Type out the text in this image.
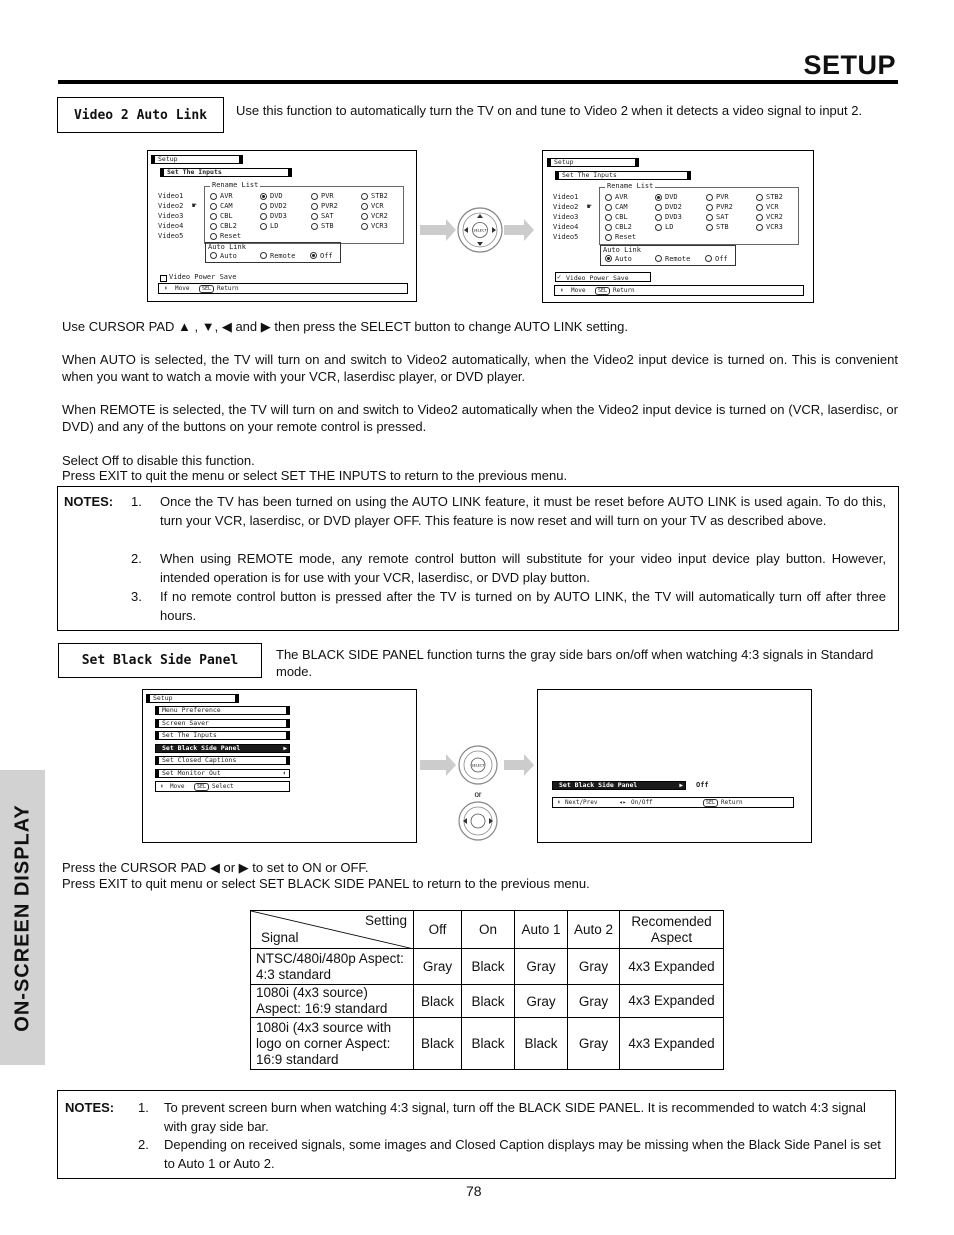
SETUP
ON-SCREEN DISPLAY
Video 2 Auto Link	Use this function to automatically turn the TV on and tune to Video 2 when it detects a video signal to input 2.
Setup
Set The Inputs
Rename List
Video1
Video2 ☛
Video3
Video4
Video5
AVR
CAM
CBL
CBL2
Reset
DVD
DVD2
DVD3
LD
PVR
PVR2
SAT
STB
STB2
VCR
VCR2
VCR3
Auto Link
Auto	Remote	Off
Video Power Save
⬍ Move	SEL Return
SELECT
Setup
Set The Inputs
Rename List
Video1
Video2 ☛
Video3
Video4
Video5
AVR
CAM
CBL
CBL2
Reset
DVD
DVD2
DVD3
LD
PVR
PVR2
SAT
STB
STB2
VCR
VCR2
VCR3
Auto Link
Auto	Remote	Off
✓ Video Power Save
⬍ Move	SEL Return
Use CURSOR PAD ▲ , ▼, ◀ and ▶ then press the SELECT button to change AUTO LINK setting.
When AUTO is selected, the TV will turn on and switch to Video2 automatically, when the Video2 input device is turned on. This is convenient when you want to watch a movie with your VCR, laserdisc player, or DVD player.
When REMOTE is selected, the TV will turn on and switch to Video2 automatically when the Video2 input device is turned on (VCR, laserdisc, or DVD) and any of the buttons on your remote control is pressed.
Select Off to disable this function.
Press EXIT to quit the menu or select SET THE INPUTS to return to the previous menu.
NOTES: 1. Once the TV has been turned on using the AUTO LINK feature, it must be reset before AUTO LINK is used again. To do this, turn your VCR, laserdisc, or DVD player OFF. This feature is now reset and will turn on your TV as described above.
2. When using REMOTE mode, any remote control button will substitute for your video input device play button. However, intended operation is for use with your VCR, laserdisc, or DVD play button.
3. If no remote control button is pressed after the TV is turned on by AUTO LINK, the TV will automatically turn off after three hours.
Set Black Side Panel	The BLACK SIDE PANEL function turns the gray side bars on/off when watching 4:3 signals in Standard mode.
Setup
Menu Preference
Screen Saver
Set The Inputs
Set Black Side Panel	▶
Set Closed Captions
Set Monitor Out	⬍
⬍ Move	SEL Select
SELECT
or
Set Black Side Panel	▶ Off
⬍ Next/Prev	◂▸ On/Off	SEL Return
Press the CURSOR PAD ◀ or ▶ to set to ON or OFF.
Press EXIT to quit menu or select SET BLACK SIDE PANEL to return to the previous menu.
Setting
Signal	Off	On	Auto 1	Auto 2	Recomended Aspect
NTSC/480i/480p Aspect: 4:3 standard	Gray	Black	Gray	Gray	4x3 Expanded
1080i (4x3 source) Aspect: 16:9 standard	Black	Black	Gray	Gray	4x3 Expanded
1080i (4x3 source with logo on corner Aspect: 16:9 standard	Black	Black	Black	Gray	4x3 Expanded
NOTES: 1. To prevent screen burn when watching 4:3 signal, turn off the BLACK SIDE PANEL. It is recommended to watch 4:3 signal with gray side bar.
2. Depending on received signals, some images and Closed Caption displays may be missing when the Black Side Panel is set to Auto 1 or Auto 2.
78
